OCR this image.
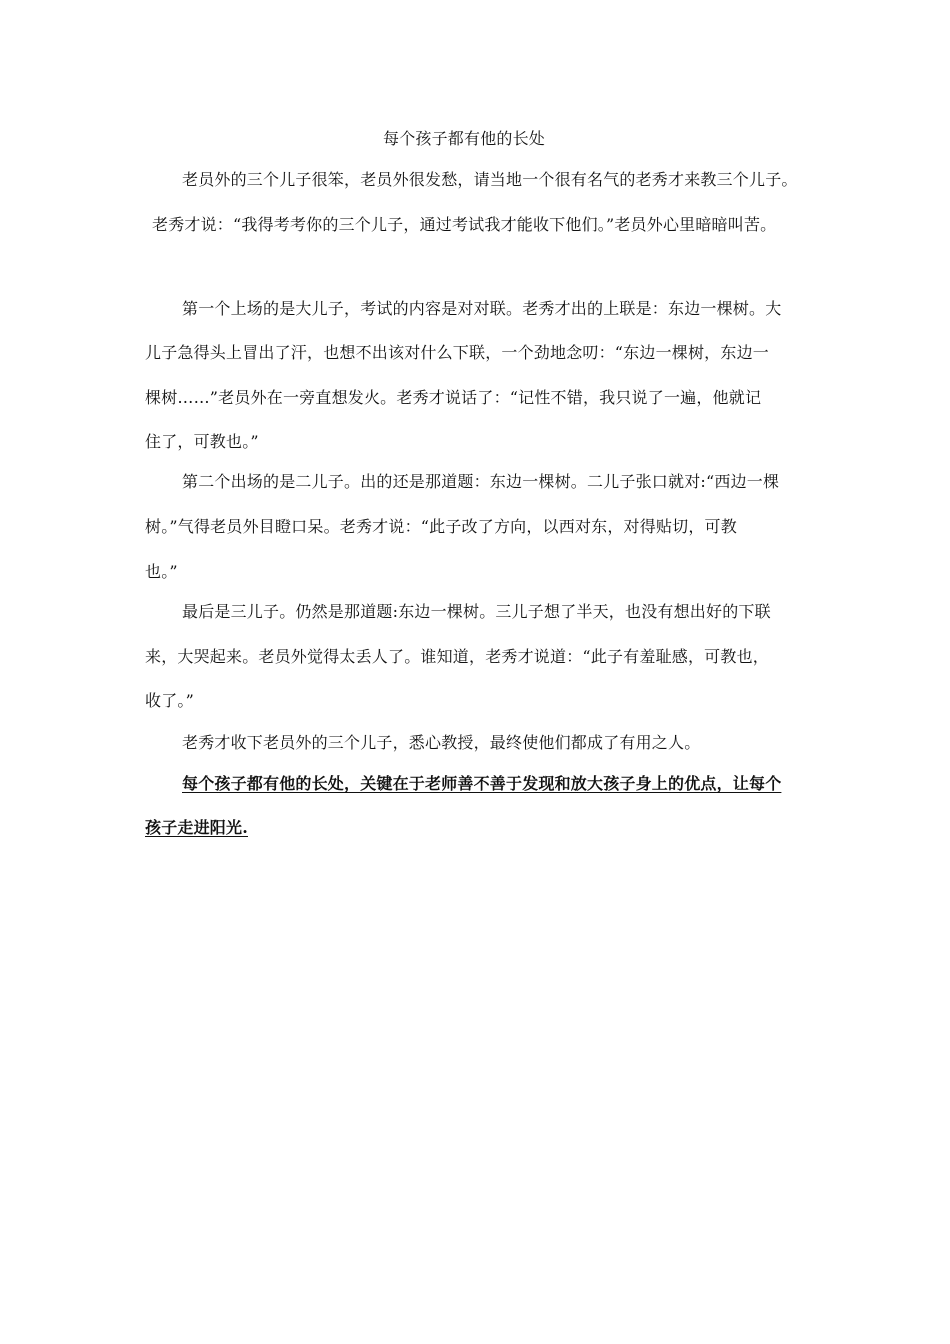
每个孩子都有他的长处
老员外的三个儿子很笨，老员外很发愁，请当地一个很有名气的老秀才来教三个儿子。
老秀才说：“我得考考你的三个儿子，通过考试我才能收下他们。”老员外心里暗暗叫苦。
第一个上场的是大儿子，考试的内容是对对联。老秀才出的上联是：东边一棵树。大
儿子急得头上冒出了汗，也想不出该对什么下联，一个劲地念叨：“东边一棵树，东边一
棵树……”老员外在一旁直想发火。老秀才说话了：“记性不错，我只说了一遍，他就记
住了，可教也。”
第二个出场的是二儿子。出的还是那道题：东边一棵树。二儿子张口就对:“西边一棵
树。”气得老员外目瞪口呆。老秀才说：“此子改了方向，以西对东，对得贴切，可教
也。”
最后是三儿子。仍然是那道题:东边一棵树。三儿子想了半天，也没有想出好的下联
来，大哭起来。老员外觉得太丢人了。谁知道，老秀才说道：“此子有羞耻感，可教也，
收了。”
老秀才收下老员外的三个儿子，悉心教授，最终使他们都成了有用之人。
每个孩子都有他的长处，关键在于老师善不善于发现和放大孩子身上的优点，让每个
孩子走进阳光.
